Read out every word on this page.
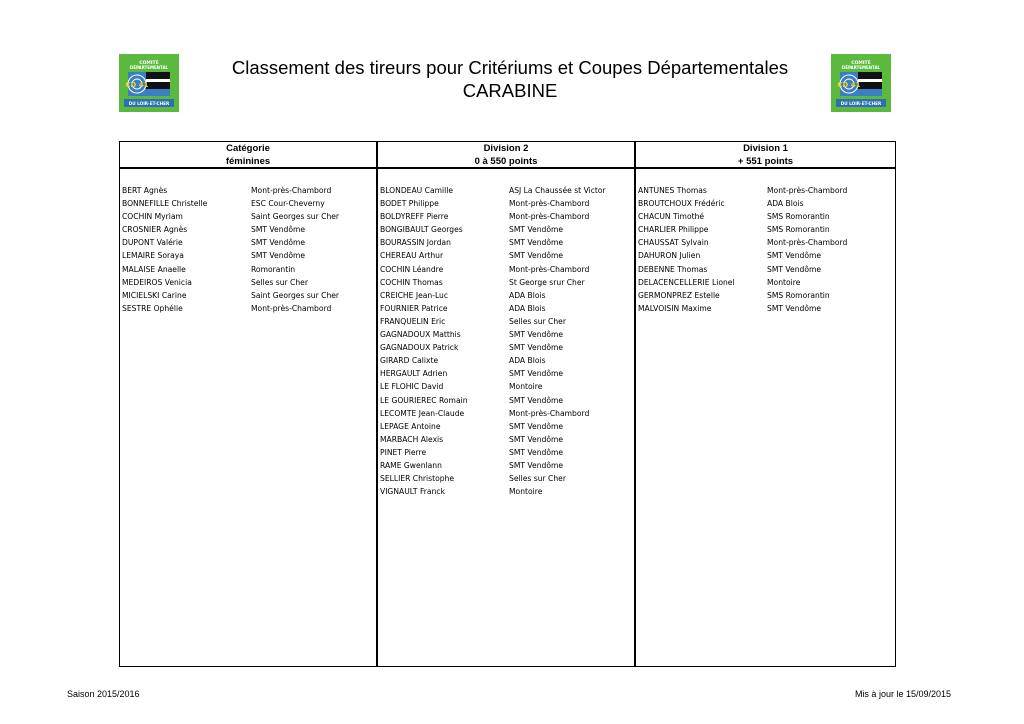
COMITÉ
DÉPARTEMENTAL
CD 41
DU LOIR-ET-CHER
COMITÉ
DÉPARTEMENTAL
CD 41
DU LOIR-ET-CHER
Classement des tireurs pour Critériums et Coupes Départementales
CARABINE
Catégorie
féminines
BERT Agnès	Mont-près-Chambord
BONNEFILLE Christelle	ESC Cour-Cheverny
COCHIN Myriam	Saint Georges sur Cher
CROSNIER Agnès	SMT Vendôme
DUPONT Valérie	SMT Vendôme
LEMAIRE Soraya	SMT Vendôme
MALAISE Anaelle	Romorantin
MEDEIROS Venicia	Selles sur Cher
MICIELSKI Carine	Saint Georges sur Cher
SESTRE Ophélie	Mont-près-Chambord
Division 2
0 à 550 points
BLONDEAU Camille	ASJ La Chaussée st Victor
BODET Philippe	Mont-près-Chambord
BOLDYREFF Pierre	Mont-près-Chambord
BONGIBAULT Georges	SMT Vendôme
BOURASSIN Jordan	SMT Vendôme
CHEREAU Arthur	SMT Vendôme
COCHIN Léandre	Mont-près-Chambord
COCHIN Thomas	St George srur Cher
CREICHE Jean-Luc	ADA Blois
FOURNIER Patrice	ADA Blois
FRANQUELIN Eric	Selles sur Cher
GAGNADOUX Matthis	SMT Vendôme
GAGNADOUX Patrick	SMT Vendôme
GIRARD Calixte	ADA Blois
HERGAULT Adrien	SMT Vendôme
LE FLOHIC David	Montoire
LE GOURIEREC Romain	SMT Vendôme
LECOMTE Jean-Claude	Mont-près-Chambord
LEPAGE Antoine	SMT Vendôme
MARBACH Alexis	SMT Vendôme
PINET Pierre	SMT Vendôme
RAME Gwenlann	SMT Vendôme
SELLIER Christophe	Selles sur Cher
VIGNAULT Franck	Montoire
Division 1
+ 551 points
ANTUNES Thomas	Mont-près-Chambord
BROUTCHOUX Frédéric	ADA Blois
CHACUN Timothé	SMS Romorantin
CHARLIER Philippe	SMS Romorantin
CHAUSSAT Sylvain	Mont-près-Chambord
DAHURON Julien	SMT Vendôme
DEBENNE Thomas	SMT Vendôme
DELACENCELLERIE Lionel	Montoire
GERMONPREZ Estelle	SMS Romorantin
MALVOISIN Maxime	SMT Vendôme
Saison 2015/2016	Mis à jour le 15/09/2015
